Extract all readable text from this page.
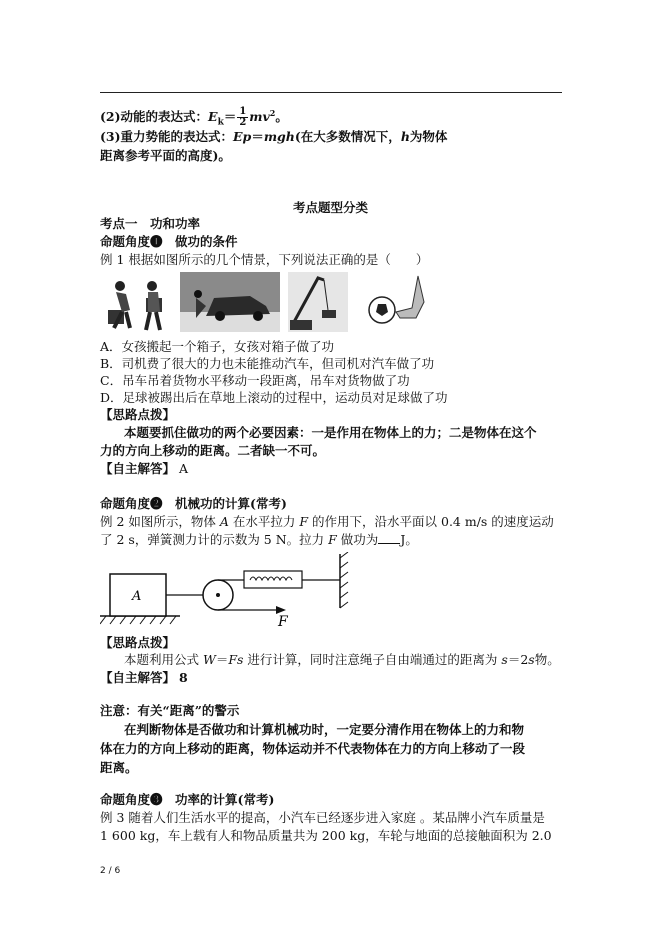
(2)动能的表达式：$E_k= \frac{1}{2} mv^2$。
(3)重力势能的表达式：Ep＝mgh(在大多数情况下，h为物体
距离参考平面的高度)。
考点题型分类
考点一　功和功率
命题角度❶　 做功的条件
例 1 根据如图所示的几个情景，下列说法正确的是（　　）
A．女孩搬起一个箱子，女孩对箱子做了功
B．司机费了很大的力也未能推动汽车，但司机对汽车做了功
C．吊车吊着货物水平移动一段距离，吊车对货物做了功
D．足球被踢出后在草地上滚动的过程中，运动员对足球做了功
【思路点拨】
本题要抓住做功的两个必要因素：一是作用在物体上的力；二是物体在这个
力的方向上移动的距离。二者缺一不可。
【自主解答】 A
命题角度❷　 机械功的计算(常考)
例 2 如图所示，物体 A 在水平拉力 F 的作用下，沿水平面以 0.4 m/s 的速度运动
了 2 s，弹簧测力计的示数为 5 N。拉力 F 做功为 J。
A
F
【思路点拨】
本题利用公式 W＝Fs 进行计算，同时注意绳子自由端通过的距离为 s＝2s物。
【自主解答】 8
注意：有关“距离”的警示
在判断物体是否做功和计算机械功时，一定要分清作用在物体上的力和物
体在力的方向上移动的距离，物体运动并不代表物体在力的方向上移动了一段
距离。
命题角度❸　 功率的计算(常考)
例 3 随着人们生活水平的提高，小汽车已经逐步进入家庭 。某品牌小汽车质量是
1 600 kg，车上载有人和物品质量共为 200 kg，车轮与地面的总接触面积为 2.0
2 / 6
